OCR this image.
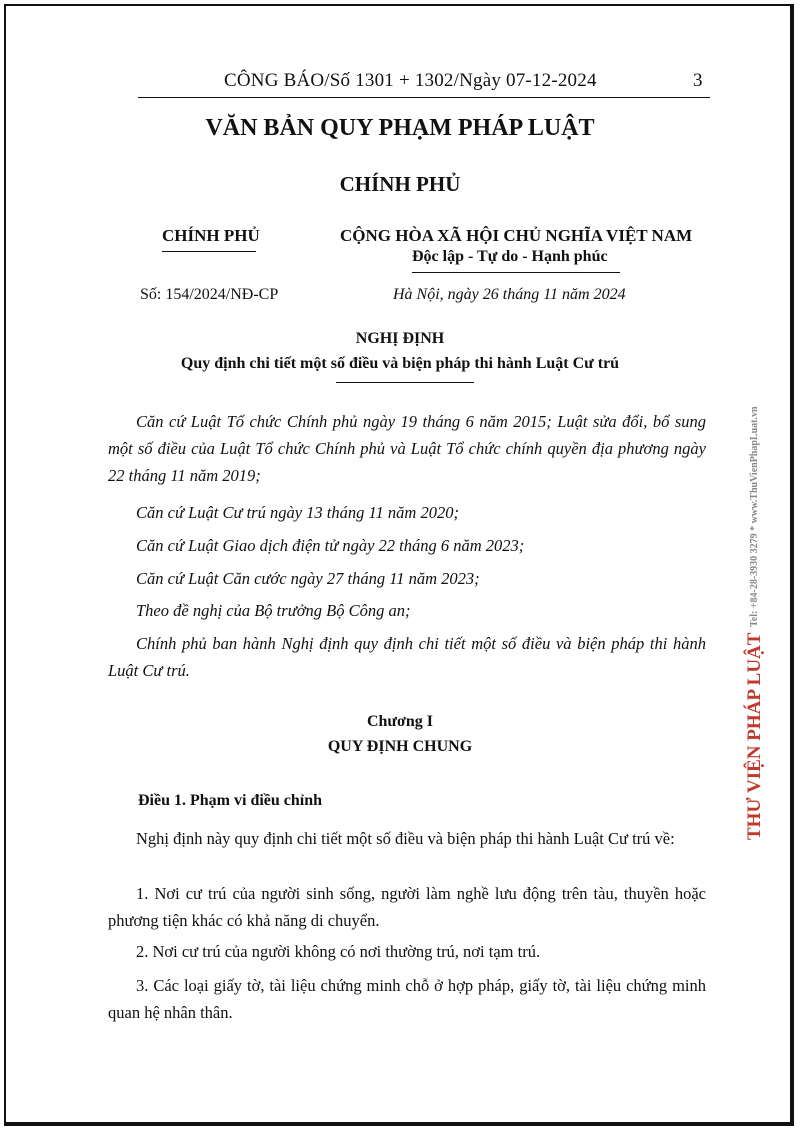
CÔNG BÁO/Số 1301 + 1302/Ngày 07-12-2024	3
VĂN BẢN QUY PHẠM PHÁP LUẬT
CHÍNH PHỦ
CHÍNH PHỦ	CỘNG HÒA XÃ HỘI CHỦ NGHĨA VIỆT NAM
Độc lập - Tự do - Hạnh phúc
Số: 154/2024/NĐ-CP	Hà Nội, ngày 26 tháng 11 năm 2024
NGHỊ ĐỊNH
Quy định chi tiết một số điều và biện pháp thi hành Luật Cư trú

Căn cứ Luật Tổ chức Chính phủ ngày 19 tháng 6 năm 2015; Luật sửa đổi, bổ sung một số điều của Luật Tổ chức Chính phủ và Luật Tổ chức chính quyền địa phương ngày 22 tháng 11 năm 2019;

Căn cứ Luật Cư trú ngày 13 tháng 11 năm 2020;

Căn cứ Luật Giao dịch điện tử ngày 22 tháng 6 năm 2023;

Căn cứ Luật Căn cước ngày 27 tháng 11 năm 2023;

Theo đề nghị của Bộ trưởng Bộ Công an;

Chính phủ ban hành Nghị định quy định chi tiết một số điều và biện pháp thi hành Luật Cư trú.

Chương I
QUY ĐỊNH CHUNG
Điều 1. Phạm vi điều chỉnh

Nghị định này quy định chi tiết một số điều và biện pháp thi hành Luật Cư trú về:

1. Nơi cư trú của người sinh sống, người làm nghề lưu động trên tàu, thuyền hoặc phương tiện khác có khả năng di chuyển.

2. Nơi cư trú của người không có nơi thường trú, nơi tạm trú.

3. Các loại giấy tờ, tài liệu chứng minh chỗ ở hợp pháp, giấy tờ, tài liệu chứng minh quan hệ nhân thân.

THƯ VIỆN PHÁP LUẬTTel: +84-28-3930 3279 * www.ThuVienPhapLuat.vn
